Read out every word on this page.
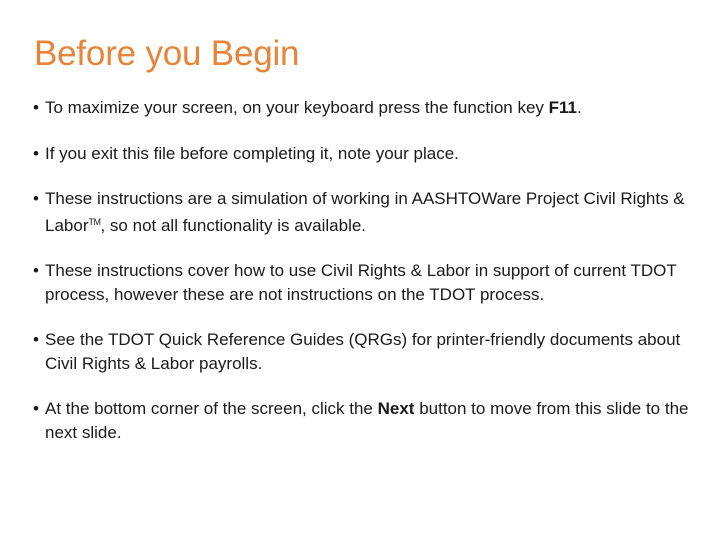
Before you Begin
• To maximize your screen, on your keyboard press the function key F11.
• If you exit this file before completing it, note your place.
• These instructions are a simulation of working in AASHTOWare Project Civil Rights & Labor™, so not all functionality is available.
• These instructions cover how to use Civil Rights & Labor in support of current TDOT process, however these are not instructions on the TDOT process.
• See the TDOT Quick Reference Guides (QRGs) for printer-friendly documents about Civil Rights & Labor payrolls.
• At the bottom corner of the screen, click the Next button to move from this slide to the next slide.
